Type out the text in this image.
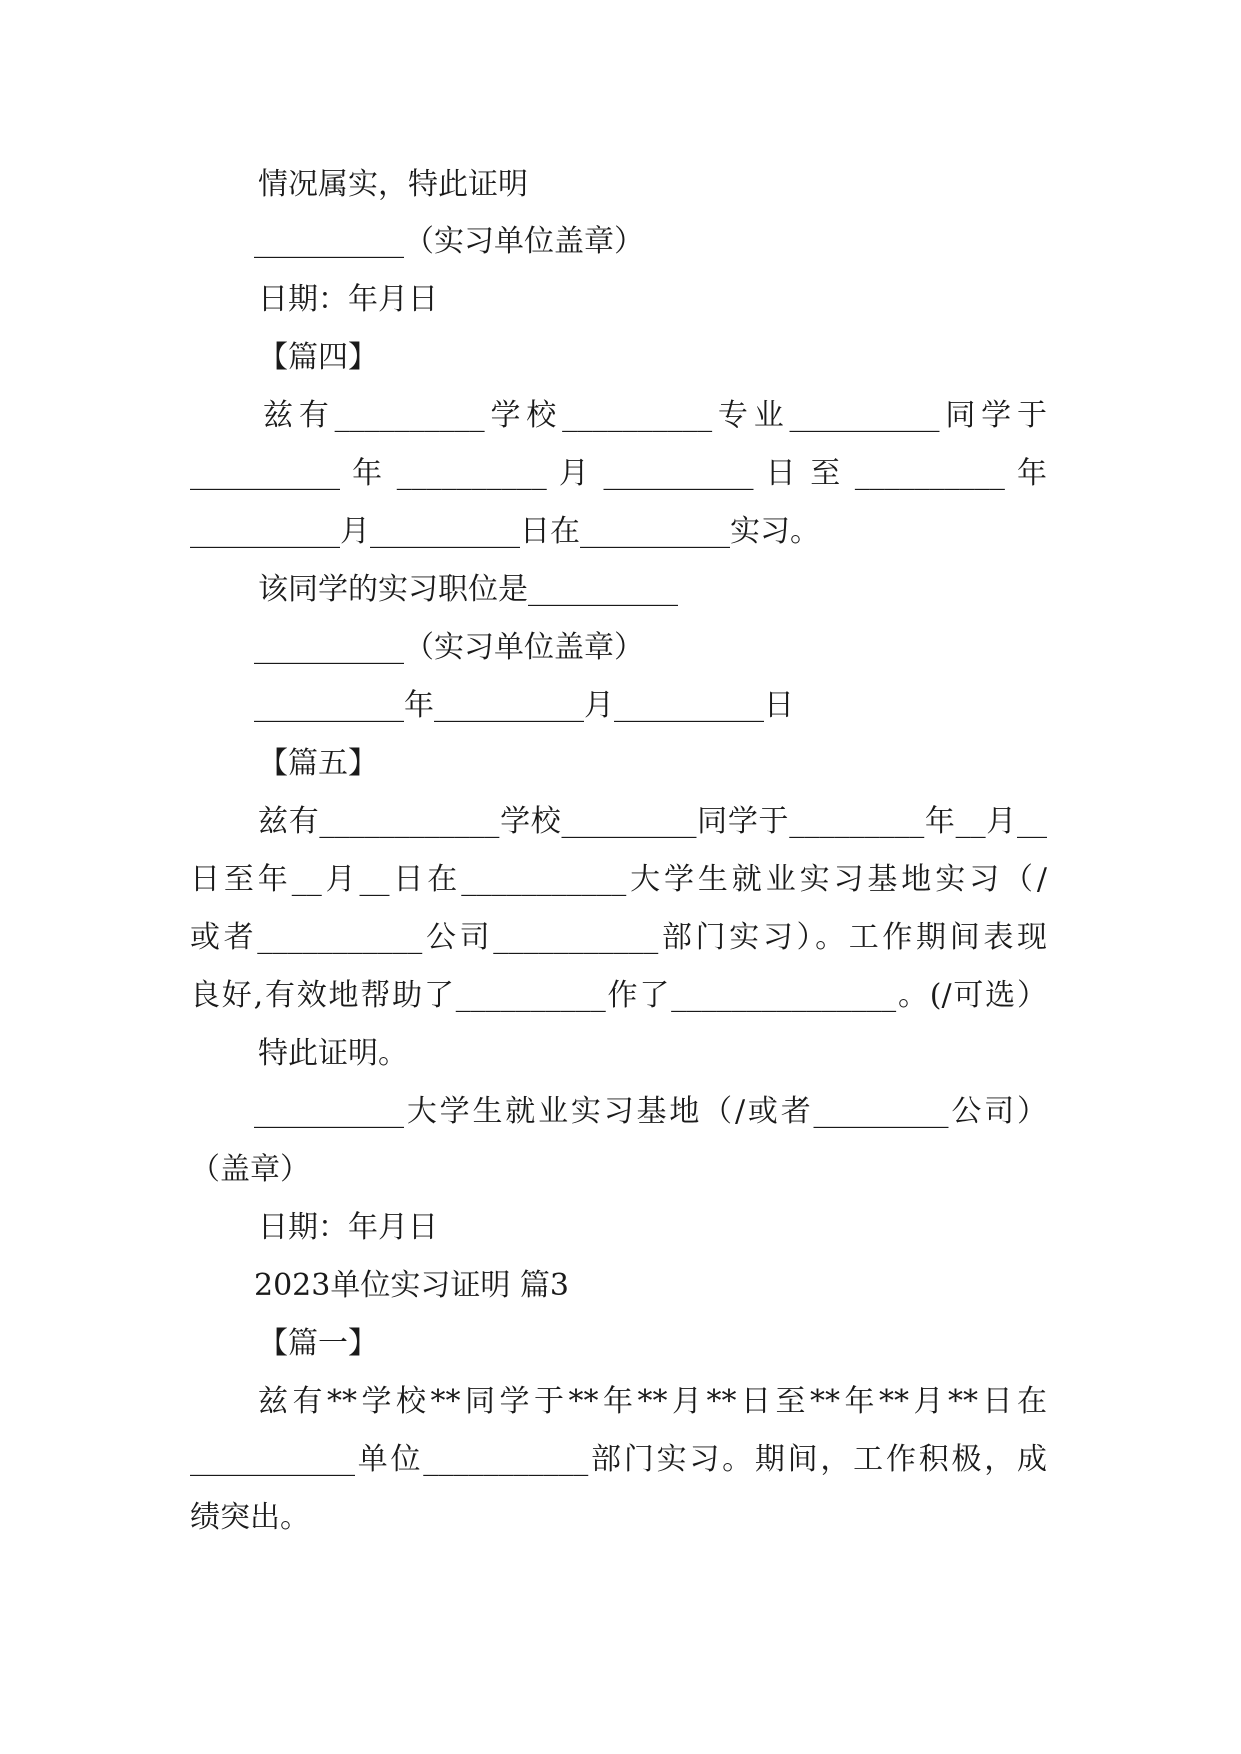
情况属实，特此证明
__________（实习单位盖章）
日期：年月日
【篇四】
兹有__________学校__________专业__________同学于
__________ 年 __________ 月 __________ 日 至 __________ 年
__________月__________日在__________实习。
该同学的实习职位是__________
__________（实习单位盖章）
__________年__________月__________日
【篇五】
兹有____________学校_________同学于_________年__月__
日至年__月__日在___________大学生就业实习基地实习（/
或者___________公司___________部门实习）。工作期间表现
良好,有效地帮助了__________作了_______________。(/可选）
特此证明。
__________大学生就业实习基地（/或者_________公司）
（盖章）
日期：年月日
2023单位实习证明 篇3
【篇一】
兹有**学校**同学于**年**月**日至**年**月**日在
___________单位___________部门实习。期间，工作积极，成
绩突出。
